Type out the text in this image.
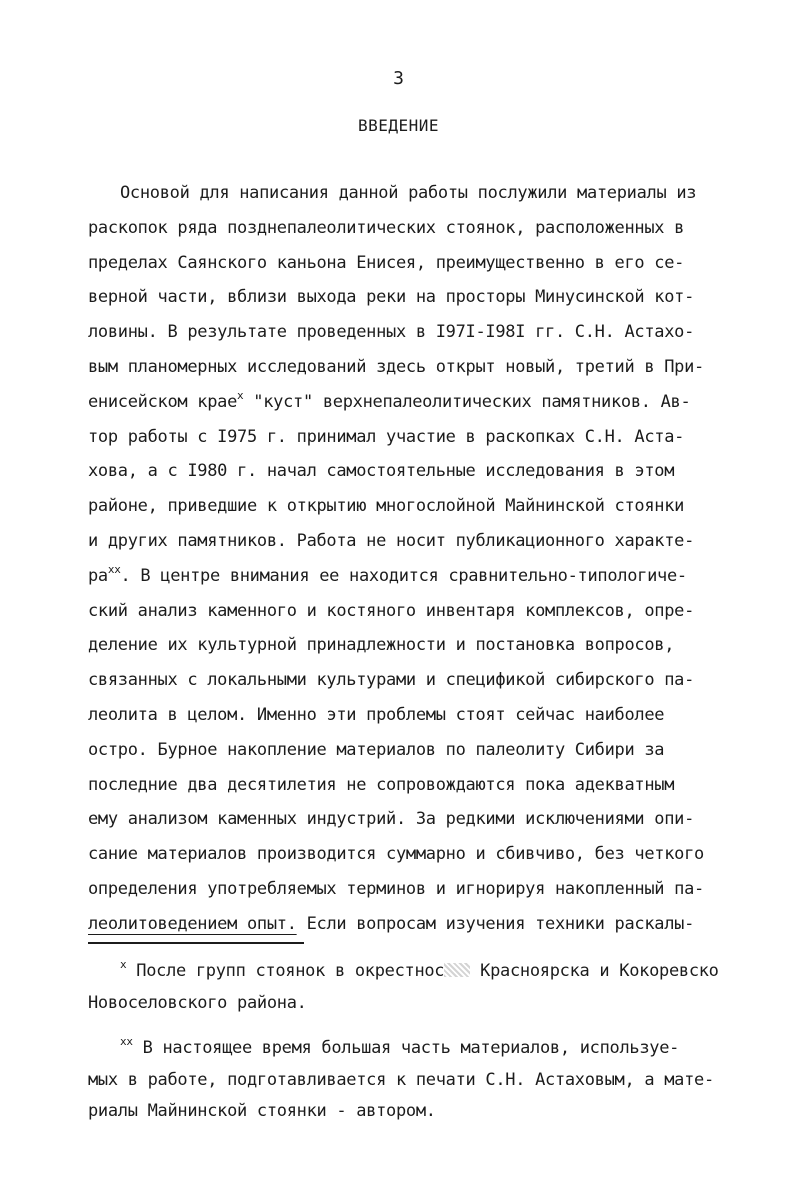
3
ВВЕДЕНИЕ
Основой для написания данной работы послужили материалы из
раскопок ряда позднепалеолитических стоянок, расположенных в
пределах Саянского каньона Енисея, преимущественно в его се-
верной части, вблизи выхода реки на просторы Минусинской кот-
ловины. В результате проведенных в I97I-I98I гг. С.Н. Астахо-
вым планомерных исследований здесь открыт новый, третий в При-
енисейском крае$^x$ "куст" верхнепалеолитических памятников. Ав-
тор работы с I975 г. принимал участие в раскопках С.Н. Аста-
хова, а с I980 г. начал самостоятельные исследования в этом
районе, приведшие к открытию многослойной Майнинской стоянки
и других памятников. Работа не носит публикационного характе-
$ра^{xx}$. В центре внимания ее находится сравнительно-типологиче-
ский анализ каменного и костяного инвентаря комплексов, опре-
деление их культурной принадлежности и постановка вопросов,
связанных с локальными культурами и спецификой сибирского па-
леолита в целом. Именно эти проблемы стоят сейчас наиболее
остро. Бурное накопление материалов по палеолиту Сибири за
последние два десятилетия не сопровождаются пока адекватным
ему анализом каменных индустрий. За редкими исключениями опи-
сание материалов производится суммарно и сбивчиво, без четкого
определения употребляемых терминов и игнорируя накопленный па-
леолитоведением опыт. Если вопросам изучения техники раскалы-
$^x$ После групп стоянок в окрестнос Красноярска и Кокоревско
Новоселовского района.
$^{xx}$ В настоящее время большая часть материалов, используе-
мых в работе, подготавливается к печати С.Н. Астаховым, а мате-
риалы Майнинской стоянки - автором.
